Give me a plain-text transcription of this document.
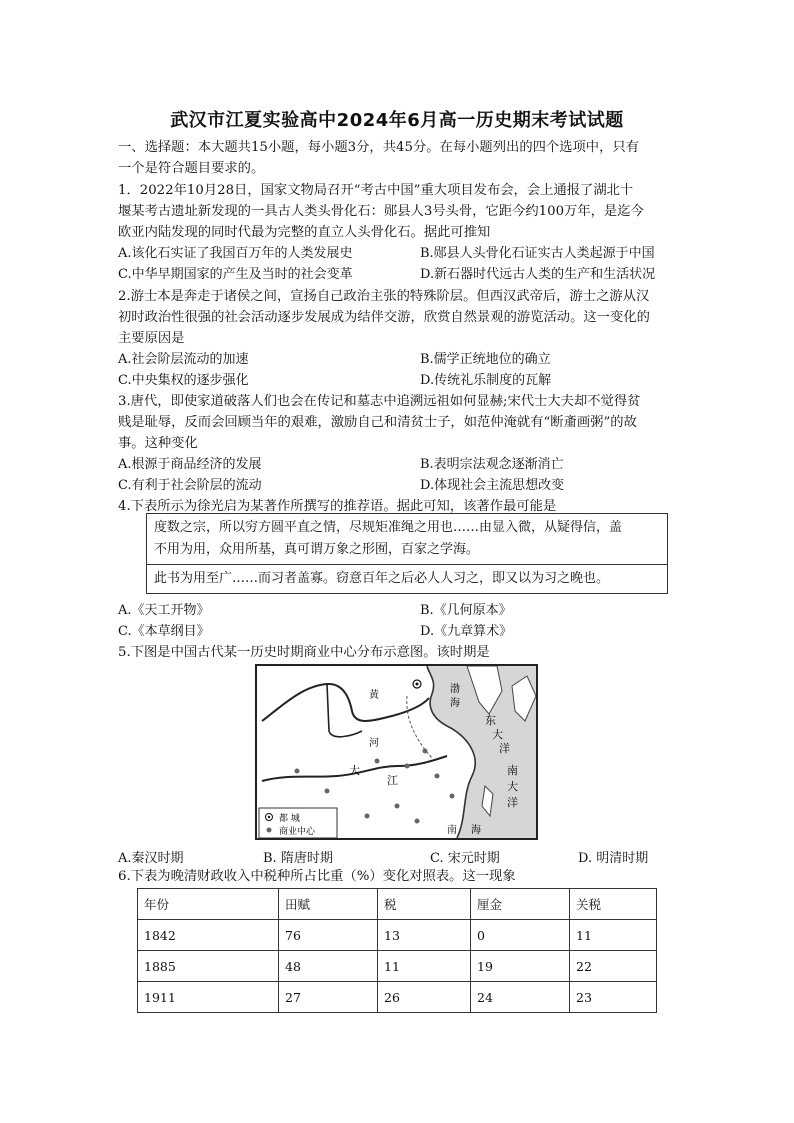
武汉市江夏实验高中2024年6月高一历史期末考试试题
一、选择题：本大题共15小题，每小题3分，共45分。在每小题列出的四个选项中，只有
一个是符合题目要求的。
1．2022年10月28日，国家文物局召开“考古中国”重大项目发布会，会上通报了湖北十
堰某考古遗址新发现的一具古人类头骨化石：郧县人3号头骨，它距今约100万年，是迄今
欧亚内陆发现的同时代最为完整的直立人头骨化石。据此可推知
A.该化石实证了我国百万年的人类发展史	B.郧县人头骨化石证实古人类起源于中国
C.中华早期国家的产生及当时的社会变革	D.新石器时代远古人类的生产和生活状况
2.游士本是奔走于诸侯之间，宣扬自己政治主张的特殊阶层。但西汉武帝后，游士之游从汉
初时政治性很强的社会活动逐步发展成为结伴交游，欣赏自然景观的游览活动。这一变化的
主要原因是
A.社会阶层流动的加速	B.儒学正统地位的确立
C.中央集权的逐步强化	D.传统礼乐制度的瓦解
3.唐代，即使家道破落人们也会在传记和墓志中追溯远祖如何显赫;宋代士大夫却不觉得贫
贱是耻辱，反而会回顾当年的艰难，激励自己和清贫士子，如范仲淹就有“断齑画粥”的故
事。这种变化
A.根源于商品经济的发展	B.表明宗法观念逐渐消亡
C.有利于社会阶层的流动	D.体现社会主流思想改变
4.下表所示为徐光启为某著作所撰写的推荐语。据此可知，该著作最可能是
度数之宗，所以穷方圆平直之情，尽规矩准绳之用也……由显入微，从疑得信，盖
不用为用，众用所基，真可谓万象之形囿，百家之学海。
此书为用至广……而习者盖寡。窃意百年之后必人人习之，即又以为习之晚也。
A.《天工开物》	B.《几何原本》
C.《本草纲目》	D.《九章算术》
5.下图是中国古代某一历史时期商业中心分布示意图。该时期是
黄
河
渤
海
东
大
洋
南
大
洋
大
江
南 海
都 城
商业中心
A.秦汉时期	B. 隋唐时期	C. 宋元时期	D. 明清时期
6.下表为晚清财政收入中税种所占比重（%）变化对照表。这一现象
年份	田赋	税	厘金	关税
1842	76	13	0	11
1885	48	11	19	22
1911	27	26	24	23
